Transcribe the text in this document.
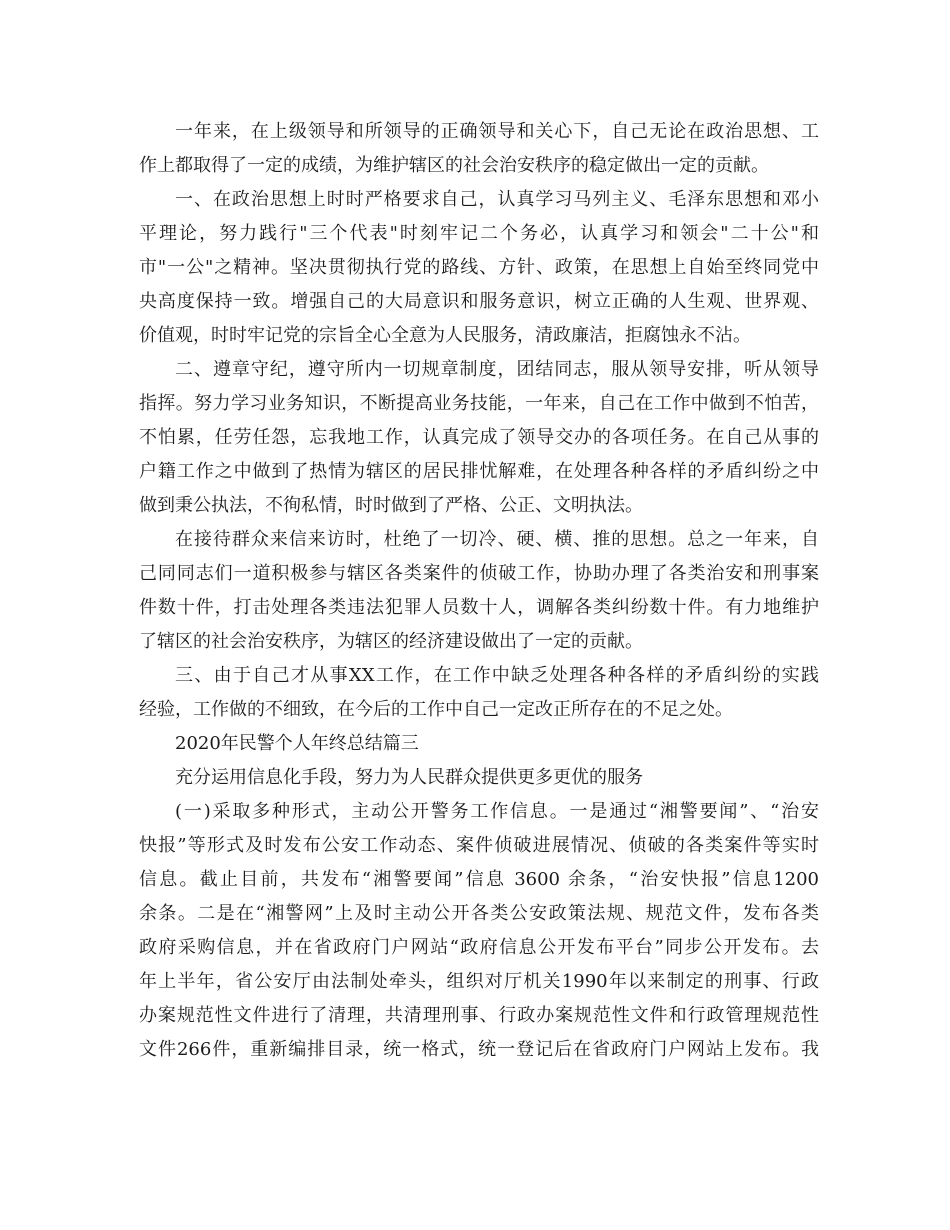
一年来，在上级领导和所领导的正确领导和关心下，自己无论在政治思想、工
作上都取得了一定的成绩，为维护辖区的社会治安秩序的稳定做出一定的贡献。
一、在政治思想上时时严格要求自己，认真学习马列主义、毛泽东思想和邓小
平理论，努力践行"三个代表"时刻牢记二个务必，认真学习和领会"二十公"和
市"一公"之精神。坚决贯彻执行党的路线、方针、政策，在思想上自始至终同党中
央高度保持一致。增强自己的大局意识和服务意识，树立正确的人生观、世界观、
价值观，时时牢记党的宗旨全心全意为人民服务，清政廉洁，拒腐蚀永不沾。
二、遵章守纪，遵守所内一切规章制度，团结同志，服从领导安排，听从领导
指挥。努力学习业务知识，不断提高业务技能，一年来，自己在工作中做到不怕苦，
不怕累，任劳任怨，忘我地工作，认真完成了领导交办的各项任务。在自己从事的
户籍工作之中做到了热情为辖区的居民排忧解难，在处理各种各样的矛盾纠纷之中
做到秉公执法，不徇私情，时时做到了严格、公正、文明执法。
在接待群众来信来访时，杜绝了一切冷、硬、横、推的思想。总之一年来，自
己同同志们一道积极参与辖区各类案件的侦破工作，协助办理了各类治安和刑事案
件数十件，打击处理各类违法犯罪人员数十人，调解各类纠纷数十件。有力地维护
了辖区的社会治安秩序，为辖区的经济建设做出了一定的贡献。
三、由于自己才从事XX工作，在工作中缺乏处理各种各样的矛盾纠纷的实践
经验，工作做的不细致，在今后的工作中自己一定改正所存在的不足之处。
2020年民警个人年终总结篇三
充分运用信息化手段，努力为人民群众提供更多更优的服务
(一)采取多种形式，主动公开警务工作信息。一是通过“湘警要闻”、“治安
快报”等形式及时发布公安工作动态、案件侦破进展情况、侦破的各类案件等实时
信息。截止目前，共发布“湘警要闻”信息 3600 余条，“治安快报”信息1200
余条。二是在“湘警网”上及时主动公开各类公安政策法规、规范文件，发布各类
政府采购信息，并在省政府门户网站“政府信息公开发布平台”同步公开发布。去
年上半年，省公安厅由法制处牵头，组织对厅机关1990年以来制定的刑事、行政
办案规范性文件进行了清理，共清理刑事、行政办案规范性文件和行政管理规范性
文件266件，重新编排目录，统一格式，统一登记后在省政府门户网站上发布。我
